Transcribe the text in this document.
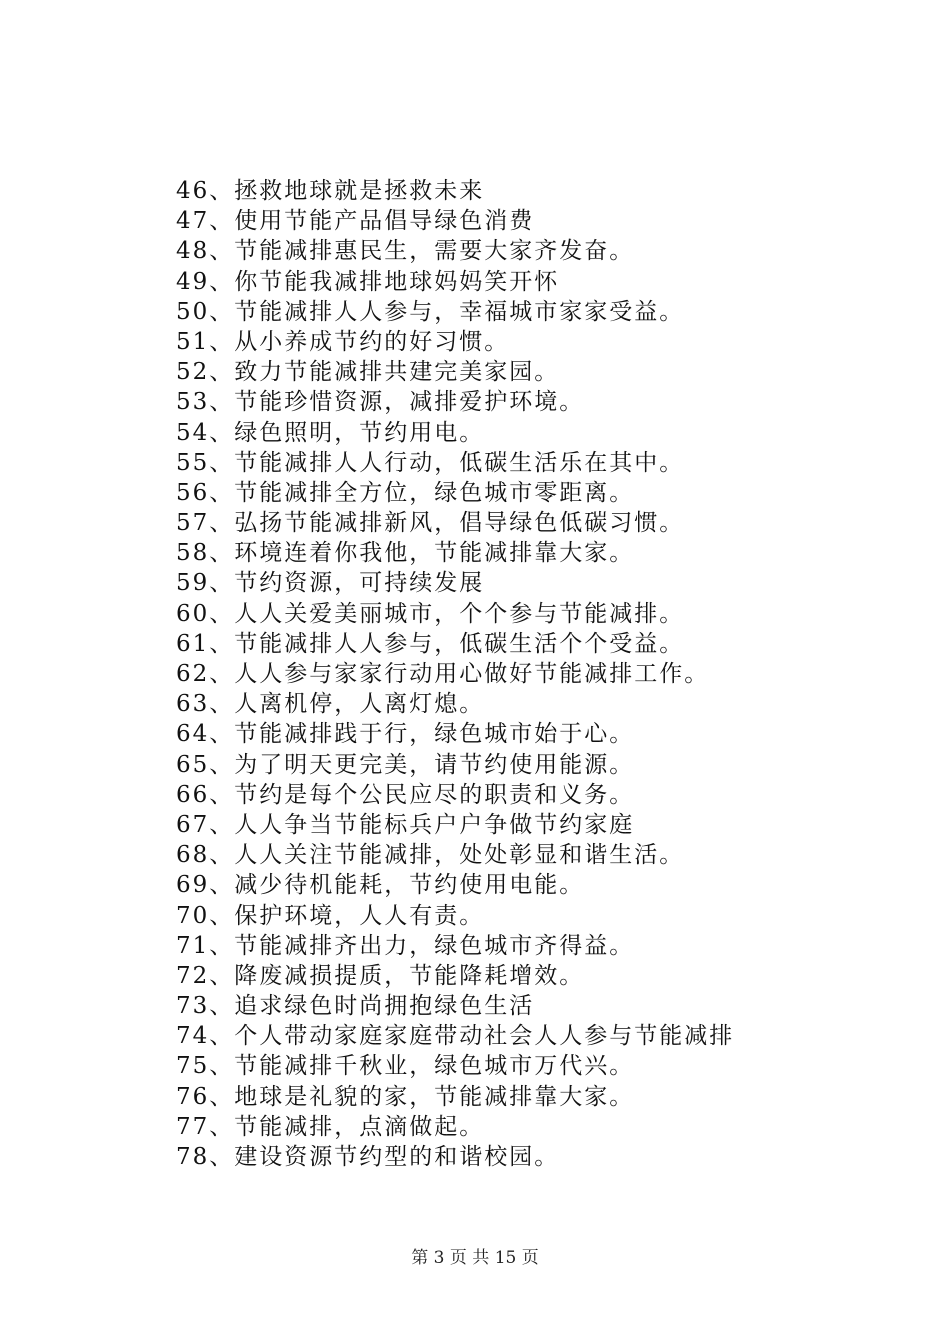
46、拯救地球就是拯救未来
47、使用节能产品倡导绿色消费
48、节能减排惠民生，需要大家齐发奋。
49、你节能我减排地球妈妈笑开怀
50、节能减排人人参与，幸福城市家家受益。
51、从小养成节约的好习惯。
52、致力节能减排共建完美家园。
53、节能珍惜资源，减排爱护环境。
54、绿色照明，节约用电。
55、节能减排人人行动，低碳生活乐在其中。
56、节能减排全方位，绿色城市零距离。
57、弘扬节能减排新风，倡导绿色低碳习惯。
58、环境连着你我他，节能减排靠大家。
59、节约资源，可持续发展
60、人人关爱美丽城市，个个参与节能减排。
61、节能减排人人参与，低碳生活个个受益。
62、人人参与家家行动用心做好节能减排工作。
63、人离机停，人离灯熄。
64、节能减排践于行，绿色城市始于心。
65、为了明天更完美，请节约使用能源。
66、节约是每个公民应尽的职责和义务。
67、人人争当节能标兵户户争做节约家庭
68、人人关注节能减排，处处彰显和谐生活。
69、减少待机能耗，节约使用电能。
70、保护环境，人人有责。
71、节能减排齐出力，绿色城市齐得益。
72、降废减损提质，节能降耗增效。
73、追求绿色时尚拥抱绿色生活
74、个人带动家庭家庭带动社会人人参与节能减排
75、节能减排千秋业，绿色城市万代兴。
76、地球是礼貌的家，节能减排靠大家。
77、节能减排，点滴做起。
78、建设资源节约型的和谐校园。
第 3 页 共 15 页
